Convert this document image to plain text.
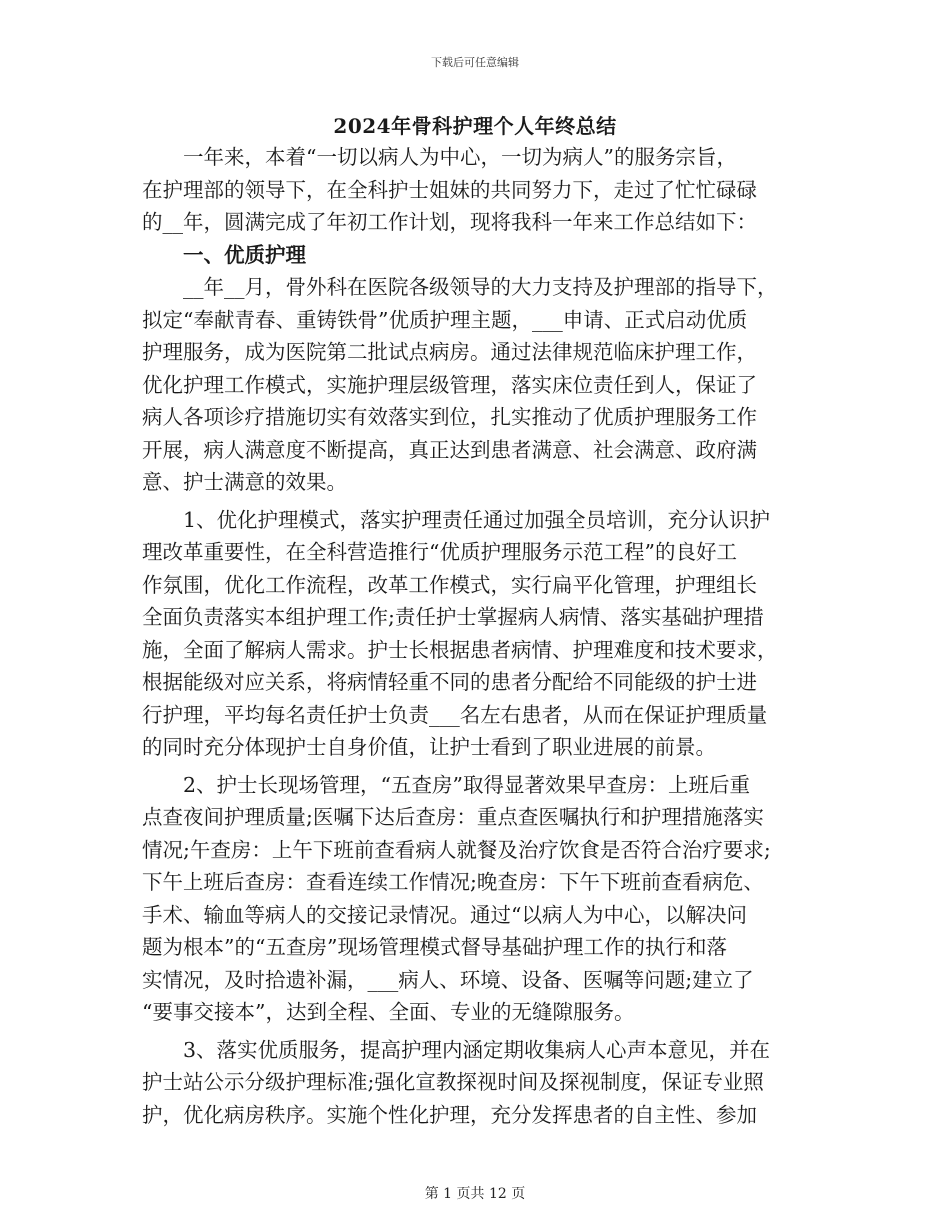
下载后可任意编辑
2024年骨科护理个人年终总结

一年来，本着“一切以病人为中心，一切为病人”的服务宗旨，
在护理部的领导下，在全科护士姐妹的共同努力下，走过了忙忙碌碌
的__年，圆满完成了年初工作计划，现将我科一年来工作总结如下：

一、优质护理

__年__月，骨外科在医院各级领导的大力支持及护理部的指导下，
拟定“奉献青春、重铸铁骨”优质护理主题，___申请、正式启动优质
护理服务，成为医院第二批试点病房。通过法律规范临床护理工作，
优化护理工作模式，实施护理层级管理，落实床位责任到人，保证了
病人各项诊疗措施切实有效落实到位，扎实推动了优质护理服务工作
开展，病人满意度不断提高，真正达到患者满意、社会满意、政府满
意、护士满意的效果。

1、优化护理模式，落实护理责任通过加强全员培训，充分认识护
理改革重要性，在全科营造推行“优质护理服务示范工程”的良好工
作氛围，优化工作流程，改革工作模式，实行扁平化管理，护理组长
全面负责落实本组护理工作;责任护士掌握病人病情、落实基础护理措
施，全面了解病人需求。护士长根据患者病情、护理难度和技术要求，
根据能级对应关系，将病情轻重不同的患者分配给不同能级的护士进
行护理，平均每名责任护士负责___名左右患者，从而在保证护理质量
的同时充分体现护士自身价值，让护士看到了职业进展的前景。

2、护士长现场管理，“五查房”取得显著效果早查房：上班后重
点查夜间护理质量;医嘱下达后查房：重点查医嘱执行和护理措施落实
情况;午查房：上午下班前查看病人就餐及治疗饮食是否符合治疗要求;
下午上班后查房：查看连续工作情况;晚查房：下午下班前查看病危、
手术、输血等病人的交接记录情况。通过“以病人为中心，以解决问
题为根本”的“五查房”现场管理模式督导基础护理工作的执行和落
实情况，及时拾遗补漏，___病人、环境、设备、医嘱等问题;建立了
“要事交接本”，达到全程、全面、专业的无缝隙服务。

3、落实优质服务，提高护理内涵定期收集病人心声本意见，并在
护士站公示分级护理标准;强化宣教探视时间及探视制度，保证专业照
护，优化病房秩序。实施个性化护理，充分发挥患者的自主性、参加

第 1 页共 12 页
